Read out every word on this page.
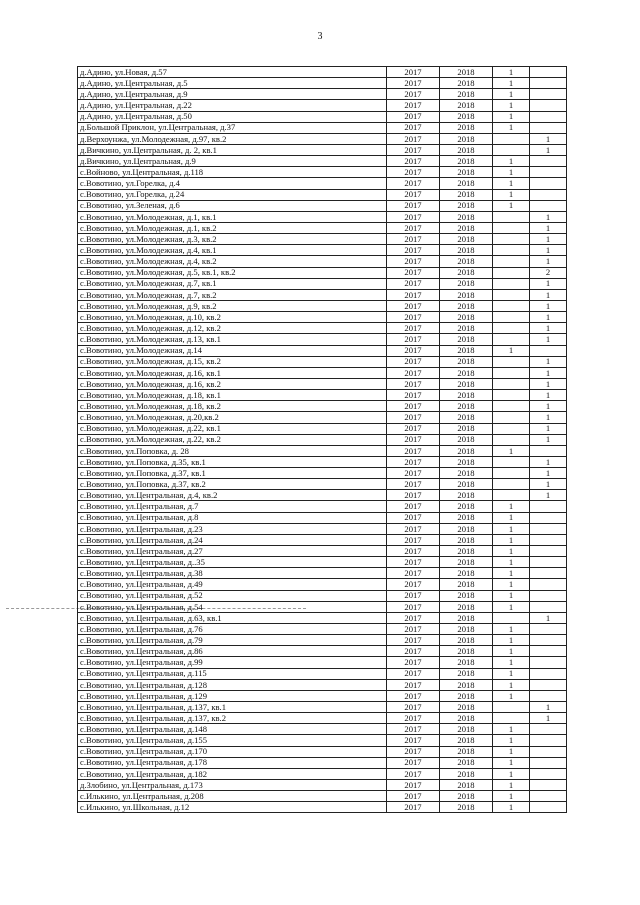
3
д.Адино, ул.Новая, д.57	2017	2018	1	
д.Адино, ул.Центральная, д.5	2017	2018	1	
д.Адино, ул.Центральная, д.9	2017	2018	1	
д.Адино, ул.Центральная, д.22	2017	2018	1	
д.Адино, ул.Центральная, д.50	2017	2018	1	
д.Большой Приклон, ул.Центральная, д.37	2017	2018	1	
д.Верхоунжа, ул.Молодежная, д.97, кв.2	2017	2018		1
д.Вичкино, ул.Центральная, д. 2, кв.1	2017	2018		1
д.Вичкино, ул.Центральная, д.9	2017	2018	1	
с.Войново, ул.Центральная, д.118	2017	2018	1	
с.Вовотино, ул.Горелка, д.4	2017	2018	1	
с.Вовотино, ул.Горелка, д.24	2017	2018	1	
с.Вовотино, ул.Зеленая, д.6	2017	2018	1	
с.Вовотино, ул.Молодежная, д.1, кв.1	2017	2018		1
с.Вовотино, ул.Молодежная, д.1, кв.2	2017	2018		1
с.Вовотино, ул.Молодежная, д.3, кв.2	2017	2018		1
с.Вовотино, ул.Молодежная, д.4, кв.1	2017	2018		1
с.Вовотино, ул.Молодежная, д.4, кв.2	2017	2018		1
с.Вовотино, ул.Молодежная, д.5, кв.1, кв.2	2017	2018		2
с.Вовотино, ул.Молодежная, д.7, кв.1	2017	2018		1
с.Вовотино, ул.Молодежная, д.7, кв.2	2017	2018		1
с.Вовотино, ул.Молодежная, д.9, кв.2	2017	2018		1
с.Вовотино, ул.Молодежная, д.10, кв.2	2017	2018		1
с.Вовотино, ул.Молодежная, д.12, кв.2	2017	2018		1
с.Вовотино, ул.Молодежная, д.13, кв.1	2017	2018		1
с.Вовотино, ул.Молодежная, д.14	2017	2018	1	
с.Вовотино, ул.Молодежная, д.15, кв.2	2017	2018		1
с.Вовотино, ул.Молодежная, д.16, кв.1	2017	2018		1
с.Вовотино, ул.Молодежная, д.16, кв.2	2017	2018		1
с.Вовотино, ул.Молодежная, д.18, кв.1	2017	2018		1
с.Вовотино, ул.Молодежная, д.18, кв.2	2017	2018		1
с.Вовотино, ул.Молодежная, д.20,кв.2	2017	2018		1
с.Вовотино, ул.Молодежная, д.22, кв.1	2017	2018		1
с.Вовотино, ул.Молодежная, д.22, кв.2	2017	2018		1
с.Вовотино, ул.Поповка, д. 28	2017	2018	1	
с.Вовотино, ул.Поповка, д.35, кв.1	2017	2018		1
с.Вовотино, ул.Поповка, д.37, кв.1	2017	2018		1
с.Вовотино, ул.Поповка, д.37, кв.2	2017	2018		1
с.Вовотино, ул.Центральная, д.4, кв.2	2017	2018		1
с.Вовотино, ул.Центральная, д.7	2017	2018	1	
с.Вовотино, ул.Центральная, д.8	2017	2018	1	
с.Вовотино, ул.Центральная, д.23	2017	2018	1	
с.Вовотино, ул.Центральная, д.24	2017	2018	1	
с.Вовотино, ул.Центральная, д.27	2017	2018	1	
с.Вовотино, ул.Центральная, д..35	2017	2018	1	
с.Вовотино, ул.Центральная, д.38	2017	2018	1	
с.Вовотино, ул.Центральная, д.49	2017	2018	1	
с.Вовотино, ул.Центральная, д.52	2017	2018	1	
с.Вовотино, ул.Центральная, д.54	2017	2018	1	
с.Вовотино, ул.Центральная, д.63, кв.1	2017	2018		1
с.Вовотино, ул.Центральная, д.76	2017	2018	1	
с.Вовотино, ул.Центральная, д.79	2017	2018	1	
с.Вовотино, ул.Центральная, д.86	2017	2018	1	
с.Вовотино, ул.Центральная, д.99	2017	2018	1	
с.Вовотино, ул.Центральная, д.115	2017	2018	1	
с.Вовотино, ул.Центральная, д.128	2017	2018	1	
с.Вовотино, ул.Центральная, д.129	2017	2018	1	
с.Вовотино, ул.Центральная, д.137, кв.1	2017	2018		1
с.Вовотино, ул.Центральная, д.137, кв.2	2017	2018		1
с.Вовотино, ул.Центральная, д.148	2017	2018	1	
с.Вовотино, ул.Центральная, д.155	2017	2018	1	
с.Вовотино, ул.Центральная, д.170	2017	2018	1	
с.Вовотино, ул.Центральная, д.178	2017	2018	1	
с.Вовотино, ул.Центральная, д.182	2017	2018	1	
д.Злобино, ул.Центральная, д.173	2017	2018	1	
с.Илькино, ул.Центральная, д.208	2017	2018	1	
с.Илькино, ул.Школьная, д.12	2017	2018	1	
